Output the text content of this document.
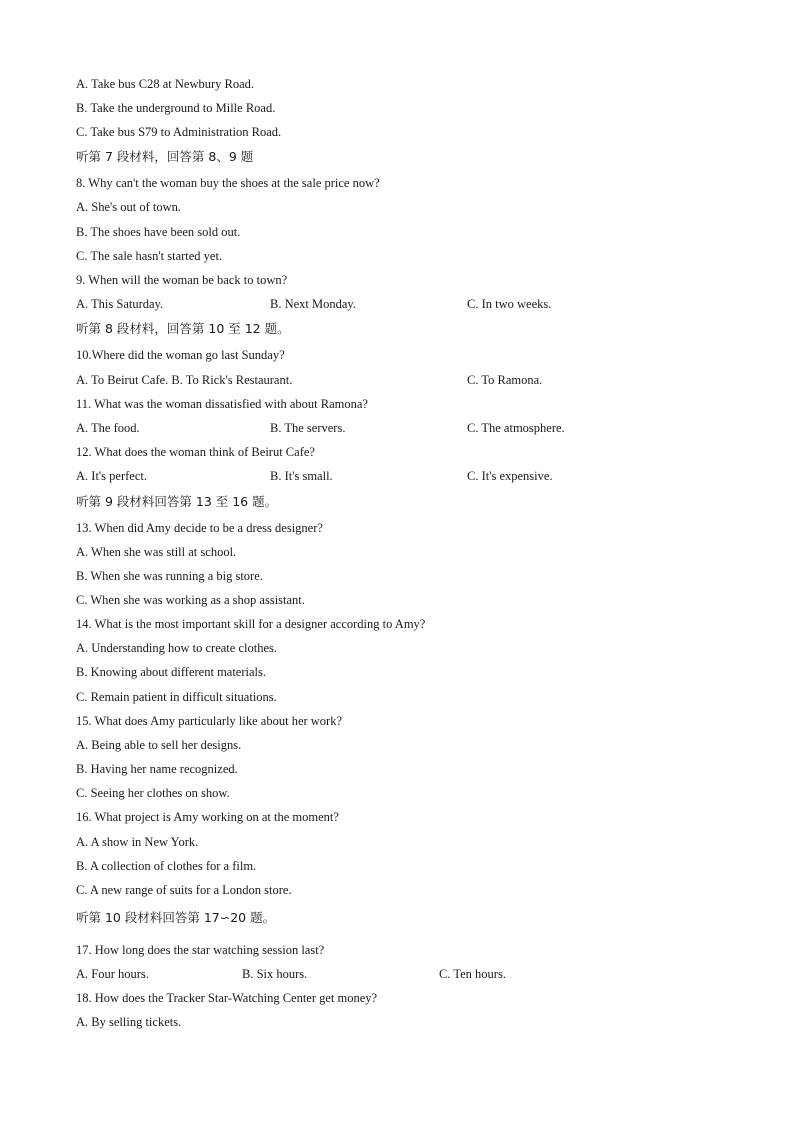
A. Take bus C28 at Newbury Road.
B. Take the underground to Mille Road.
C. Take bus S79 to Administration Road.
听第 7 段材料，回答第 8、9 题
8. Why can't the woman buy the shoes at the sale price now?
A. She's out of town.
B. The shoes have been sold out.
C. The sale hasn't started yet.
9. When will the woman be back to town?
A. This Saturday.	B. Next Monday.	C. In two weeks.
听第 8 段材料，回答第 10 至 12 题。
10.Where did the woman go last Sunday?
A. To Beirut Cafe. B. To Rick's Restaurant.	C. To Ramona.
11. What was the woman dissatisfied with about Ramona?
A. The food.	B. The servers.	C. The atmosphere.
12. What does the woman think of Beirut Cafe?
A. It's perfect.	B. It's small.	C. It's expensive.
听第 9 段材料回答第 13 至 16 题。
13. When did Amy decide to be a dress designer?
A. When she was still at school.
B. When she was running a big store.
C. When she was working as a shop assistant.
14. What is the most important skill for a designer according to Amy?
A. Understanding how to create clothes.
B. Knowing about different materials.
C. Remain patient in difficult situations.
15. What does Amy particularly like about her work?
A. Being able to sell her designs.
B. Having her name recognized.
C. Seeing her clothes on show.
16. What project is Amy working on at the moment?
A. A show in New York.
B. A collection of clothes for a film.
C. A new range of suits for a London store.
听第 10 段材料回答第 17∽20 题。
17. How long does the star watching session last?
A. Four hours.	B. Six hours.	C. Ten hours.
18. How does the Tracker Star-Watching Center get money?
A. By selling tickets.
